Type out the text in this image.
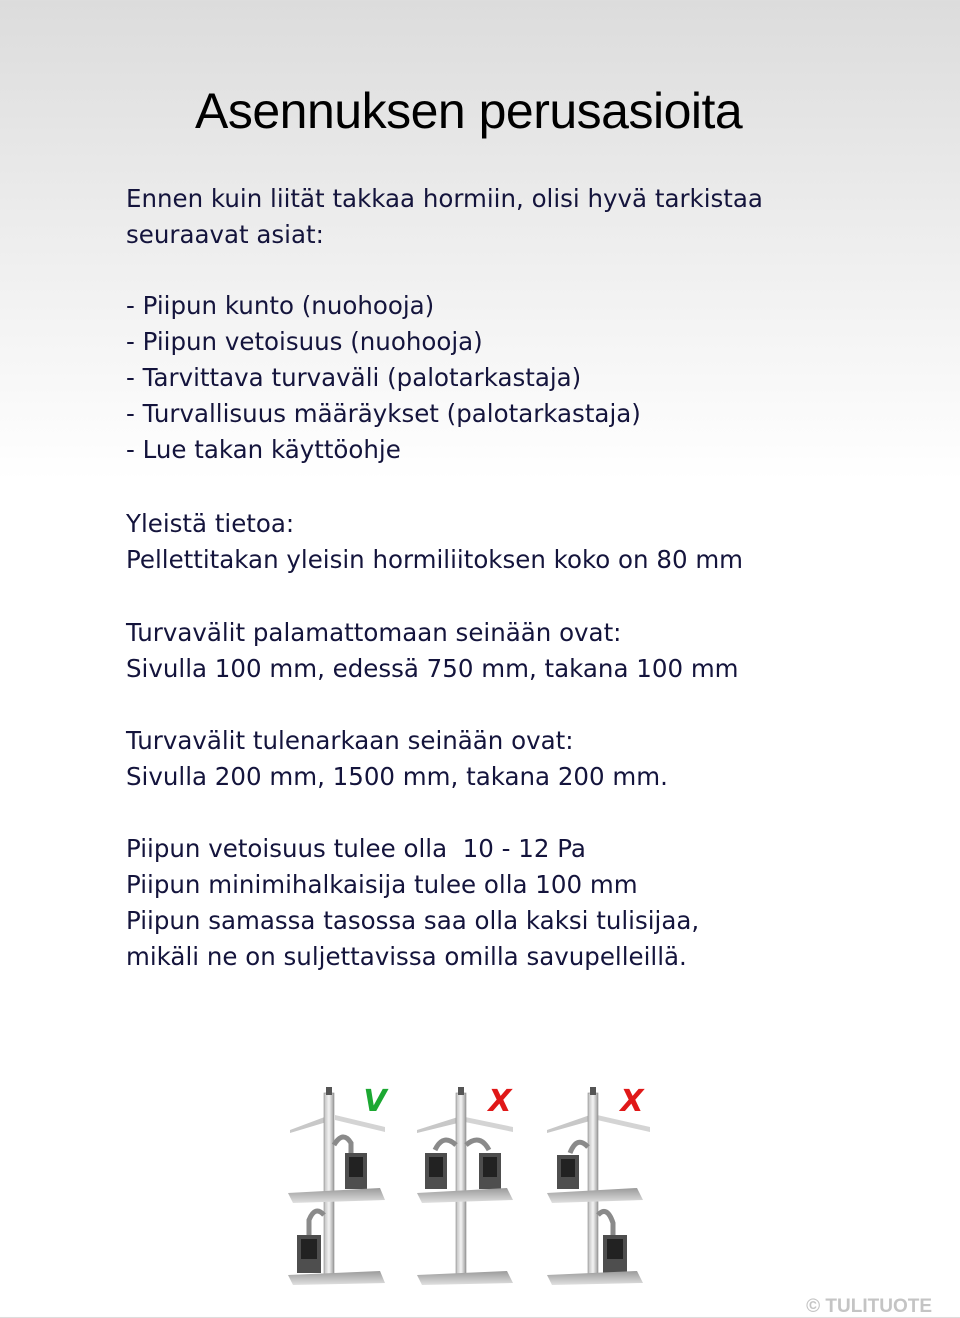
Asennuksen perusasioita
Ennen kuin liität takkaa hormiin, olisi hyvä tarkistaa
seuraavat asiat:
- Piipun kunto (nuohooja)
- Piipun vetoisuus (nuohooja)
- Tarvittava turvaväli (palotarkastaja)
- Turvallisuus määräykset (palotarkastaja)
- Lue takan käyttöohje
Yleistä tietoa:
Pellettitakan yleisin hormiliitoksen koko on 80 mm
Turvavälit palamattomaan seinään ovat:
Sivulla 100 mm, edessä 750 mm, takana 100 mm
Turvavälit tulenarkaan seinään ovat:
Sivulla 200 mm, 1500 mm, takana 200 mm.
Piipun vetoisuus tulee olla  10 - 12 Pa
Piipun minimihalkaisija tulee olla 100 mm
Piipun samassa tasossa saa olla kaksi tulisijaa,
mikäli ne on suljettavissa omilla savupelleillä.
V	X	X
© TULITUOTE
